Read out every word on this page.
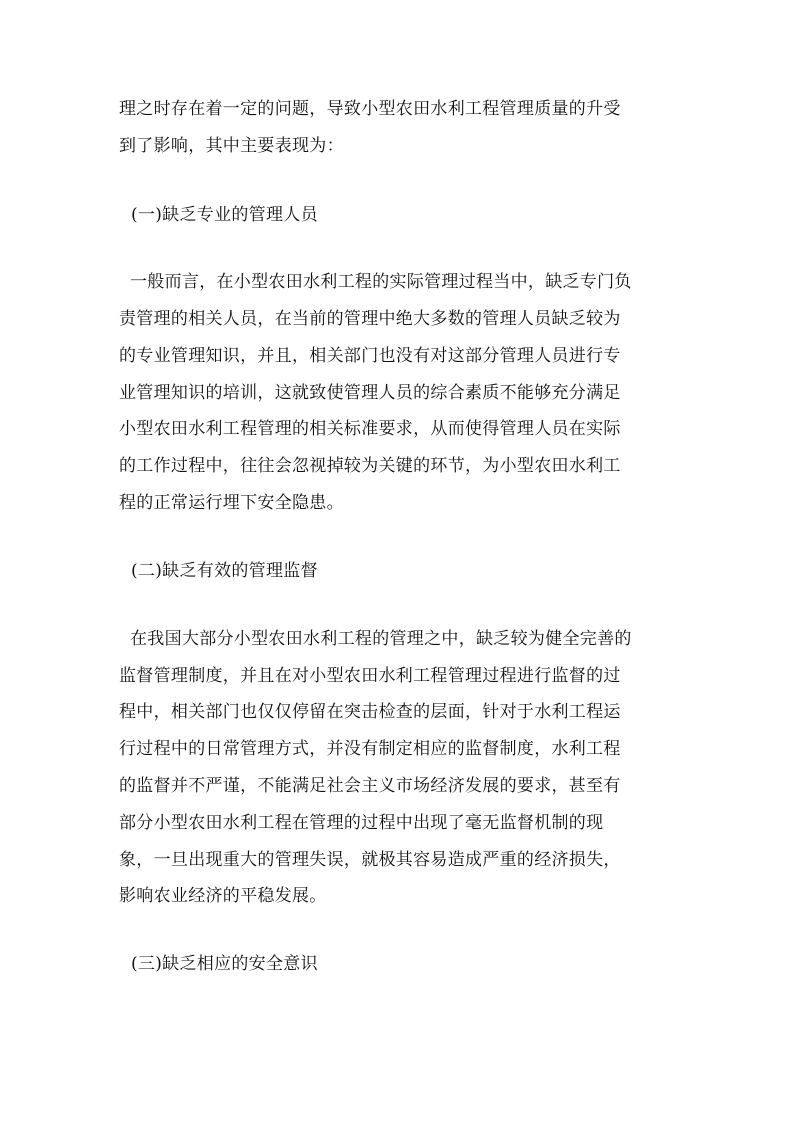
理之时存在着一定的问题，导致小型农田水利工程管理质量的升受
到了影响，其中主要表现为：
(一)缺乏专业的管理人员
一般而言，在小型农田水利工程的实际管理过程当中，缺乏专门负
责管理的相关人员，在当前的管理中绝大多数的管理人员缺乏较为
的专业管理知识，并且，相关部门也没有对这部分管理人员进行专
业管理知识的培训，这就致使管理人员的综合素质不能够充分满足
小型农田水利工程管理的相关标准要求，从而使得管理人员在实际
的工作过程中，往往会忽视掉较为关键的环节，为小型农田水利工
程的正常运行埋下安全隐患。
(二)缺乏有效的管理监督
在我国大部分小型农田水利工程的管理之中，缺乏较为健全完善的
监督管理制度，并且在对小型农田水利工程管理过程进行监督的过
程中，相关部门也仅仅停留在突击检查的层面，针对于水利工程运
行过程中的日常管理方式，并没有制定相应的监督制度，水利工程
的监督并不严谨，不能满足社会主义市场经济发展的要求，甚至有
部分小型农田水利工程在管理的过程中出现了毫无监督机制的现
象，一旦出现重大的管理失误，就极其容易造成严重的经济损失，
影响农业经济的平稳发展。
(三)缺乏相应的安全意识
